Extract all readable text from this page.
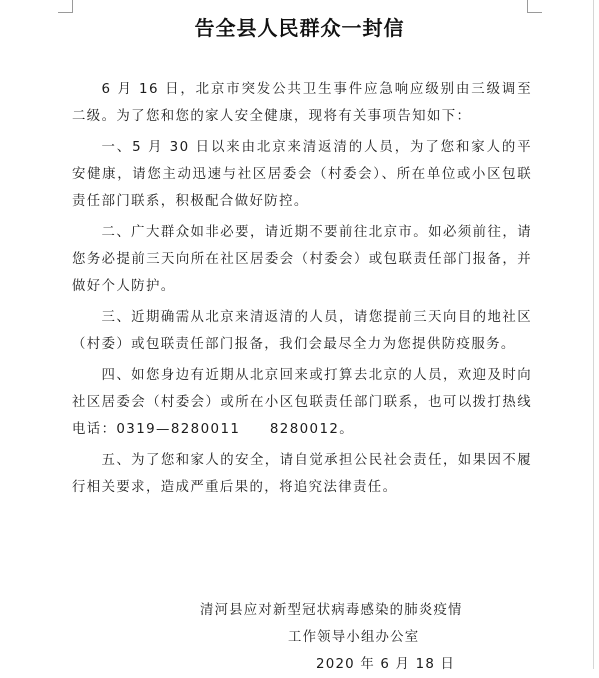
告全县人民群众一封信

6 月 16 日，北京市突发公共卫生事件应急响应级别由三级调至二级。为了您和您的家人安全健康，现将有关事项告知如下：

一、5 月 30 日以来由北京来清返清的人员，为了您和家人的平安健康，请您主动迅速与社区居委会（村委会）、所在单位或小区包联责任部门联系，积极配合做好防控。

二、广大群众如非必要，请近期不要前往北京市。如必须前往，请您务必提前三天向所在社区居委会（村委会）或包联责任部门报备，并做好个人防护。

三、近期确需从北京来清返清的人员，请您提前三天向目的地社区（村委）或包联责任部门报备，我们会最尽全力为您提供防疫服务。

四、如您身边有近期从北京回来或打算去北京的人员，欢迎及时向社区居委会（村委会）或所在小区包联责任部门联系，也可以拨打热线电话：0319—8280011　　8280012。

五、为了您和家人的安全，请自觉承担公民社会责任，如果因不履行相关要求，造成严重后果的，将追究法律责任。

清河县应对新型冠状病毒感染的肺炎疫情
工作领导小组办公室
2020 年 6 月 18 日
